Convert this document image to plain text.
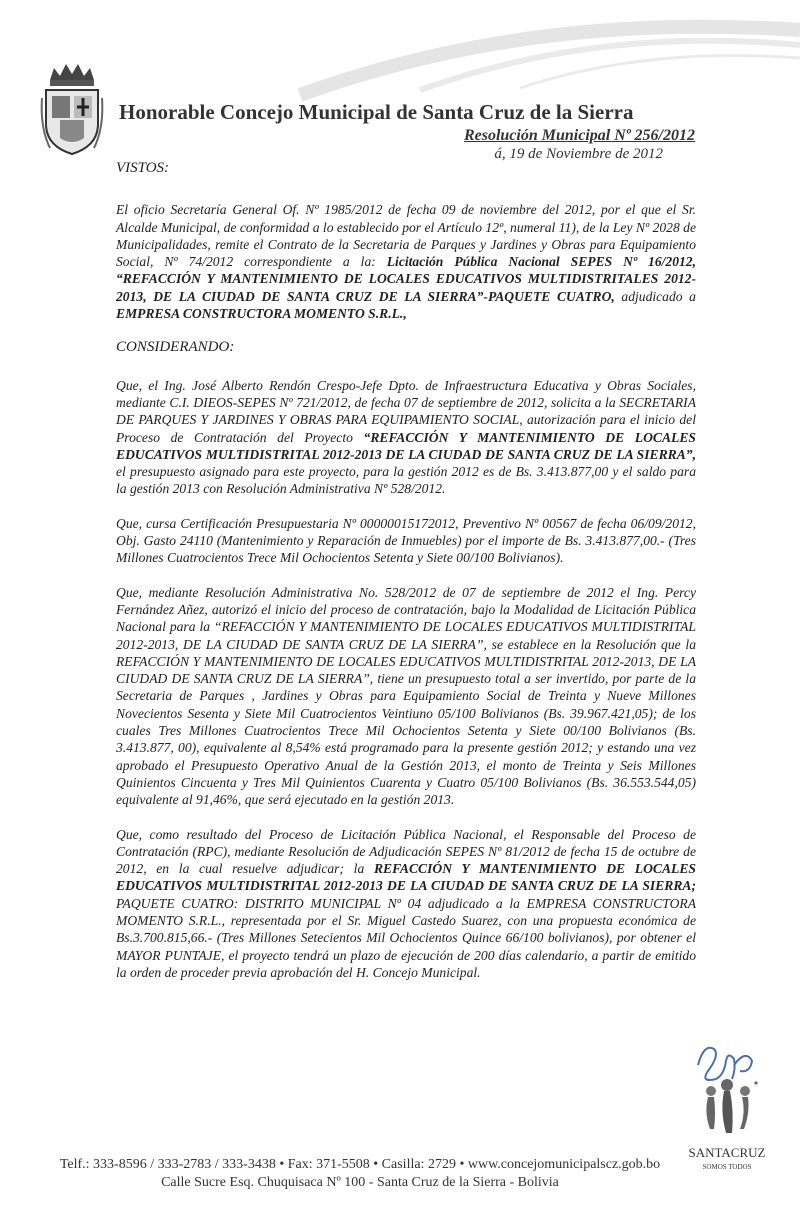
Honorable Concejo Municipal de Santa Cruz de la Sierra
Resolución Municipal Nº 256/2012
á, 19 de Noviembre de 2012
VISTOS:

El oficio Secretaría General Of. Nº 1985/2012 de fecha 09 de noviembre del 2012, por el que el Sr. Alcalde Municipal, de conformidad a lo establecido por el Artículo 12º, numeral 11), de la Ley Nº 2028 de Municipalidades, remite el Contrato de la Secretaria de Parques y Jardines y Obras para Equipamiento Social, Nº 74/2012 correspondiente a la: Licitación Pública Nacional SEPES Nº 16/2012, “REFACCIÓN Y MANTENIMIENTO DE LOCALES EDUCATIVOS MULTIDISTRITALES 2012-2013, DE LA CIUDAD DE SANTA CRUZ DE LA SIERRA”-PAQUETE CUATRO, adjudicado a EMPRESA CONSTRUCTORA MOMENTO S.R.L.,

CONSIDERANDO:

Que, el Ing. José Alberto Rendón Crespo-Jefe Dpto. de Infraestructura Educativa y Obras Sociales, mediante C.I. DIEOS-SEPES Nº 721/2012, de fecha 07 de septiembre de 2012, solicita a la SECRETARIA DE PARQUES Y JARDINES Y OBRAS PARA EQUIPAMIENTO SOCIAL, autorización para el inicio del Proceso de Contratación del Proyecto “REFACCIÓN Y MANTENIMIENTO DE LOCALES EDUCATIVOS MULTIDISTRITAL 2012-2013 DE LA CIUDAD DE SANTA CRUZ DE LA SIERRA”, el presupuesto asignado para este proyecto, para la gestión 2012 es de Bs. 3.413.877,00 y el saldo para la gestión 2013 con Resolución Administrativa Nº 528/2012.

Que, cursa Certificación Presupuestaria Nº 00000015172012, Preventivo Nº 00567 de fecha 06/09/2012, Obj. Gasto 24110 (Mantenimiento y Reparación de Inmuebles) por el importe de Bs. 3.413.877,00.- (Tres Millones Cuatrocientos Trece Mil Ochocientos Setenta y Siete 00/100 Bolivianos).

Que, mediante Resolución Administrativa No. 528/2012 de 07 de septiembre de 2012 el Ing. Percy Fernández Añez, autorizó el inicio del proceso de contratación, bajo la Modalidad de Licitación Pública Nacional para la “REFACCIÓN Y MANTENIMIENTO DE LOCALES EDUCATIVOS MULTIDISTRITAL 2012-2013, DE LA CIUDAD DE SANTA CRUZ DE LA SIERRA”, se establece en la Resolución que la REFACCIÓN Y MANTENIMIENTO DE LOCALES EDUCATIVOS MULTIDISTRITAL 2012-2013, DE LA CIUDAD DE SANTA CRUZ DE LA SIERRA”, tiene un presupuesto total a ser invertido, por parte de la Secretaria de Parques , Jardines y Obras para Equipamiento Social de Treinta y Nueve Millones Novecientos Sesenta y Siete Mil Cuatrocientos Veintiuno 05/100 Bolivianos (Bs. 39.967.421,05); de los cuales Tres Millones Cuatrocientos Trece Mil Ochocientos Setenta y Siete 00/100 Bolivianos (Bs. 3.413.877, 00), equivalente al 8,54% está programado para la presente gestión 2012; y estando una vez aprobado el Presupuesto Operativo Anual de la Gestión 2013, el monto de Treinta y Seis Millones Quinientos Cincuenta y Tres Mil Quinientos Cuarenta y Cuatro 05/100 Bolivianos (Bs. 36.553.544,05) equivalente al 91,46%, que será ejecutado en la gestión 2013.

Que, como resultado del Proceso de Licitación Pública Nacional, el Responsable del Proceso de Contratación (RPC), mediante Resolución de Adjudicación SEPES Nº 81/2012 de fecha 15 de octubre de 2012, en la cual resuelve adjudicar; la REFACCIÓN Y MANTENIMIENTO DE LOCALES EDUCATIVOS MULTIDISTRITAL 2012-2013 DE LA CIUDAD DE SANTA CRUZ DE LA SIERRA; PAQUETE CUATRO: DISTRITO MUNICIPAL Nº 04 adjudicado a la EMPRESA CONSTRUCTORA MOMENTO S.R.L., representada por el Sr. Miguel Castedo Suarez, con una propuesta económica de Bs.3.700.815,66.- (Tres Millones Setecientos Mil Ochocientos Quince 66/100 bolivianos), por obtener el MAYOR PUNTAJE, el proyecto tendrá un plazo de ejecución de 200 días calendario, a partir de emitido la orden de proceder previa aprobación del H. Concejo Municipal.

SANTACRUZ
SOMOS TODOS
Telf.: 333-8596 / 333-2783 / 333-3438 • Fax: 371-5508 • Casilla: 2729 • www.concejomunicipalscz.gob.bo
Calle Sucre Esq. Chuquisaca Nº 100 - Santa Cruz de la Sierra - Bolivia
